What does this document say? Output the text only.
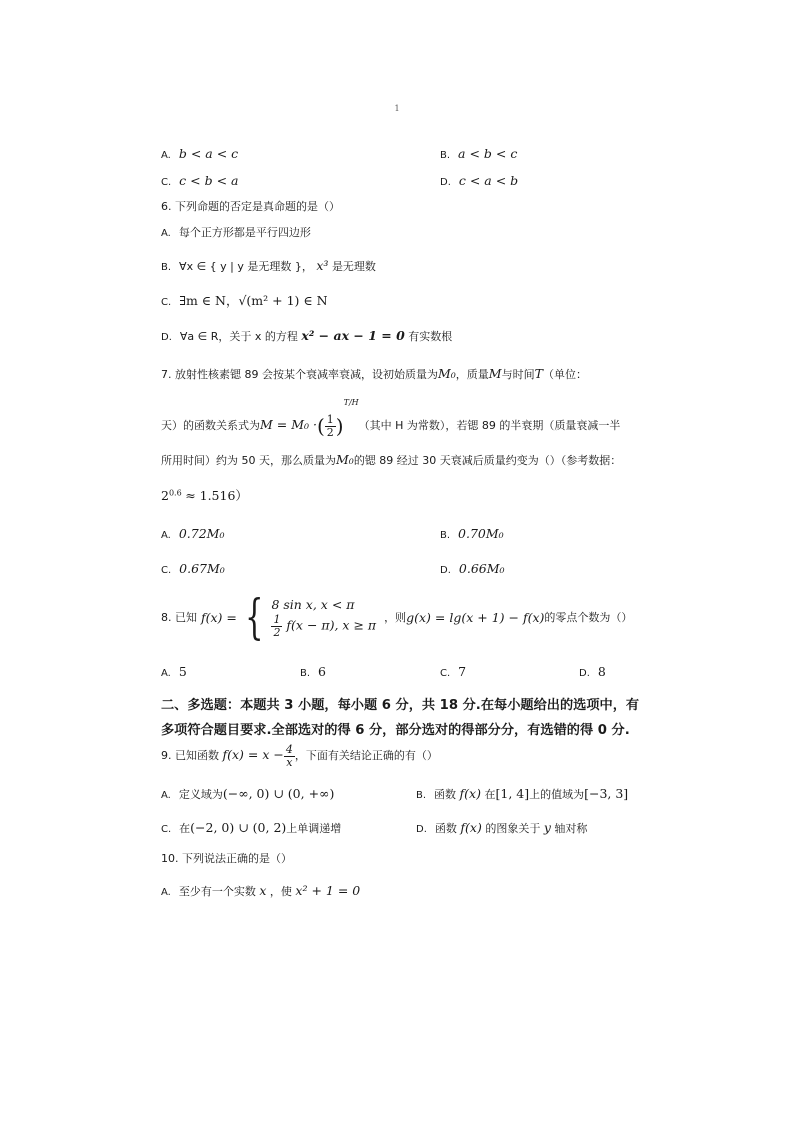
1
A. b < a < c	B. a < b < c
C. c < b < a	D. c < a < b
6. 下列命题的否定是真命题的是（）
A. 每个正方形都是平行四边形
B. ∀x ∈ { y | y 是无理数 }， x³ 是无理数
C. ∃m ∈ N，√(m² + 1) ∈ N
D. ∀a ∈ R，关于 x 的方程 x² − ax − 1 = 0 有实数根
7. 放射性核素锶 89 会按某个衰减率衰减，设初始质量为M₀，质量M与时间T（单位：
天）的函数关系式为M = M₀ ·( $\frac{1}{2} )^{T/H}$（其中 H 为常数），若锶 89 的半衰期（质量衰减一半
所用时间）约为 50 天，那么质量为M₀的锶 89 经过 30 天衰减后质量约变为（）（参考数据：
$2^{0.6} \approx 1.516$）
A. 0.72M₀	B. 0.70M₀
C. 0.67M₀	D. 0.66M₀
8. 已知 f(x) = { 8 sin x, x < π
$\frac{1}{2} f(x - \pi)$, x ≥ π
，则 g(x) = lg(x + 1) − f(x) 的零点个数为（）
A. 5	B. 6	C. 7	D. 8
二、多选题：本题共 3 小题，每小题 6 分，共 18 分.在每小题给出的选项中，有
多项符合题目要求.全部选对的得 6 分，部分选对的得部分分，有选错的得 0 分.
9. 已知函数 $f(x) = x - \frac{4}{x}$ ，下面有关结论正确的有（）
A. 定义域为(−∞, 0) ∪ (0, +∞)	B. 函数 f(x) 在[1, 4]上的值域为[−3, 3]
C. 在(−2, 0) ∪ (0, 2)上单调递增	D. 函数 f(x) 的图象关于 y 轴对称
10. 下列说法正确的是（）
A. 至少有一个实数 x ，使 x² + 1 = 0
